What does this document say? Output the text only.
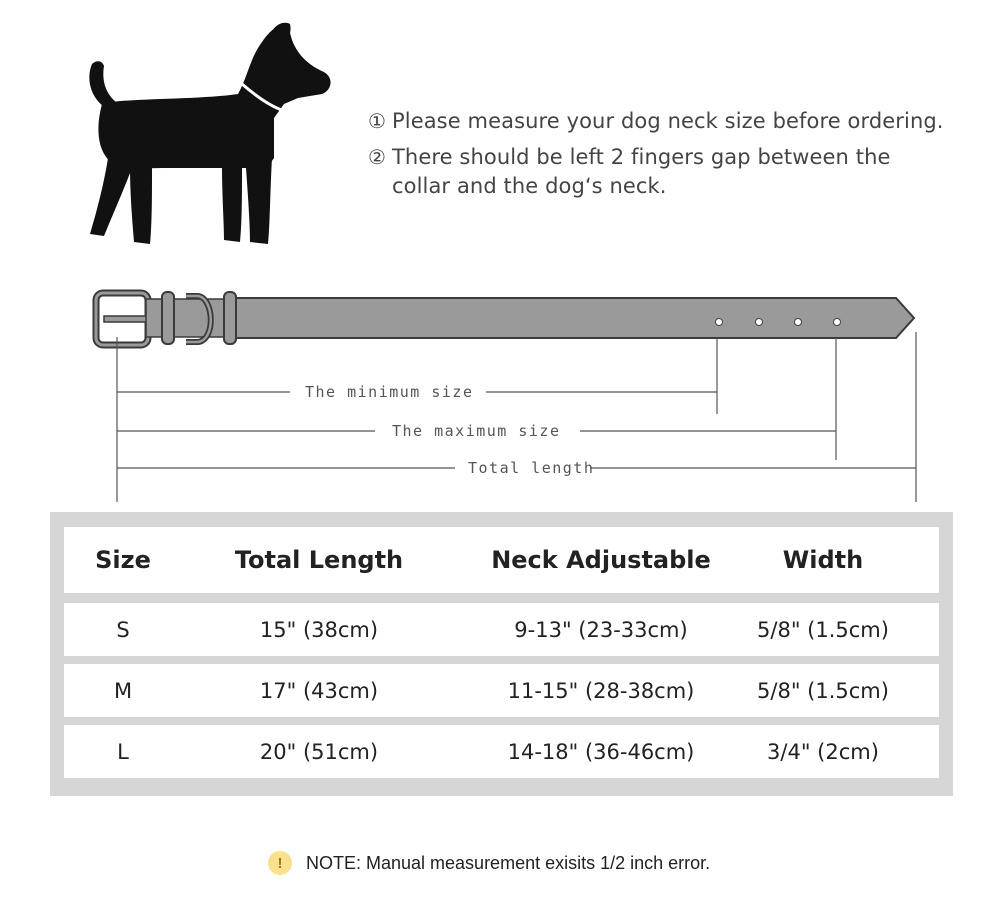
① Please measure your dog neck size before ordering.
② There should be left 2 fingers gap between the
collar and the dog‘s neck.
The minimum size
The maximum size
Total length
Size	Total Length	Neck Adjustable	Width
S	15" (38cm)	9-13" (23-33cm)	5/8" (1.5cm)
M	17" (43cm)	11-15" (28-38cm)	5/8" (1.5cm)
L	20" (51cm)	14-18" (36-46cm)	3/4" (2cm)
!	NOTE: Manual measurement exisits 1/2 inch error.
